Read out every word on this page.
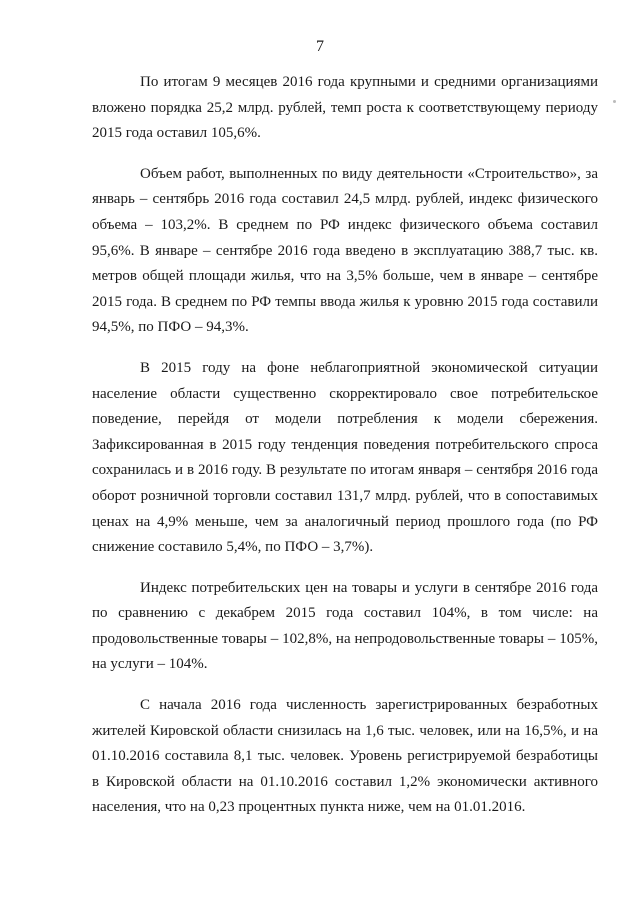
7

По итогам 9 месяцев 2016 года крупными и средними организациями вложено порядка 25,2 млрд. рублей, темп роста к соответствующему периоду 2015 года оставил 105,6%.

Объем работ, выполненных по виду деятельности «Строительство», за январь – сентябрь 2016 года составил 24,5 млрд. рублей, индекс физического объема – 103,2%. В среднем по РФ индекс физического объема составил 95,6%. В январе – сентябре 2016 года введено в эксплуатацию 388,7 тыс. кв. метров общей площади жилья, что на 3,5% больше, чем в январе – сентябре 2015 года. В среднем по РФ темпы ввода жилья к уровню 2015 года составили 94,5%, по ПФО – 94,3%.

В 2015 году на фоне неблагоприятной экономической ситуации население области существенно скорректировало свое потребительское поведение, перейдя от модели потребления к модели сбережения. Зафиксированная в 2015 году тенденция поведения потребительского спроса сохранилась и в 2016 году. В результате по итогам января – сентября 2016 года оборот розничной торговли составил 131,7 млрд. рублей, что в сопоставимых ценах на 4,9% меньше, чем за аналогичный период прошлого года (по РФ снижение составило 5,4%, по ПФО – 3,7%).

Индекс потребительских цен на товары и услуги в сентябре 2016 года по сравнению с декабрем 2015 года составил 104%, в том числе: на продовольственные товары – 102,8%, на непродовольственные товары – 105%, на услуги – 104%.

С начала 2016 года численность зарегистрированных безработных жителей Кировской области снизилась на 1,6 тыс. человек, или на 16,5%, и на 01.10.2016 составила 8,1 тыс. человек. Уровень регистрируемой безработицы в Кировской области на 01.10.2016 составил 1,2% экономически активного населения, что на 0,23 процентных пункта ниже, чем на 01.01.2016.
